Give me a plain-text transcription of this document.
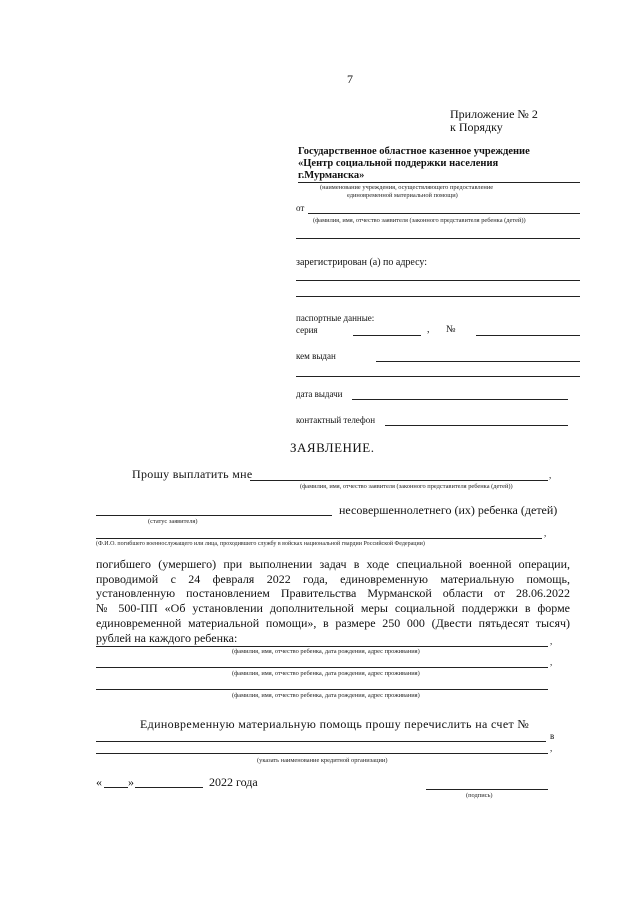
7
Приложение № 2
к Порядку
Государственное областное казенное учреждение
«Центр социальной поддержки населения
г.Мурманска»
(наименование учреждения, осуществляющего предоставление
единовременной материальной помощи)
от
(фамилия, имя, отчество заявителя (законного представителя ребенка (детей))
зарегистрирован (а) по адресу:
паспортные данные:
серия	, №
кем выдан
дата выдачи
контактный телефон
ЗАЯВЛЕНИЕ.
Прошу выплатить мне	,
(фамилия, имя, отчество заявителя (законного представителя ребенка (детей))
несовершеннолетнего (их) ребенка (детей)
(статус заявителя)
,
(Ф.И.О. погибшего военнослужащего или лица, проходившего службу в войсках национальной гвардии Российской Федерации)
погибшего (умершего) при выполнении задач в ходе специальной военной операции,
проводимой с 24 февраля 2022 года, единовременную материальную помощь,
установленную постановлением Правительства Мурманской области от 28.06.2022
№ 500-ПП «Об установлении дополнительной меры социальной поддержки в форме
единовременной материальной помощи», в размере 250 000 (Двести пятьдесят тысяч)
рублей на каждого ребенка:	,
(фамилия, имя, отчество ребенка, дата рождения, адрес проживания)
,
(фамилия, имя, отчество ребенка, дата рождения, адрес проживания)
(фамилия, имя, отчество ребенка, дата рождения, адрес проживания)
Единовременную материальную помощь прошу перечислить на счет №
в
,
(указать наименование кредитной организации)
« »	2022 года
(подпись)
